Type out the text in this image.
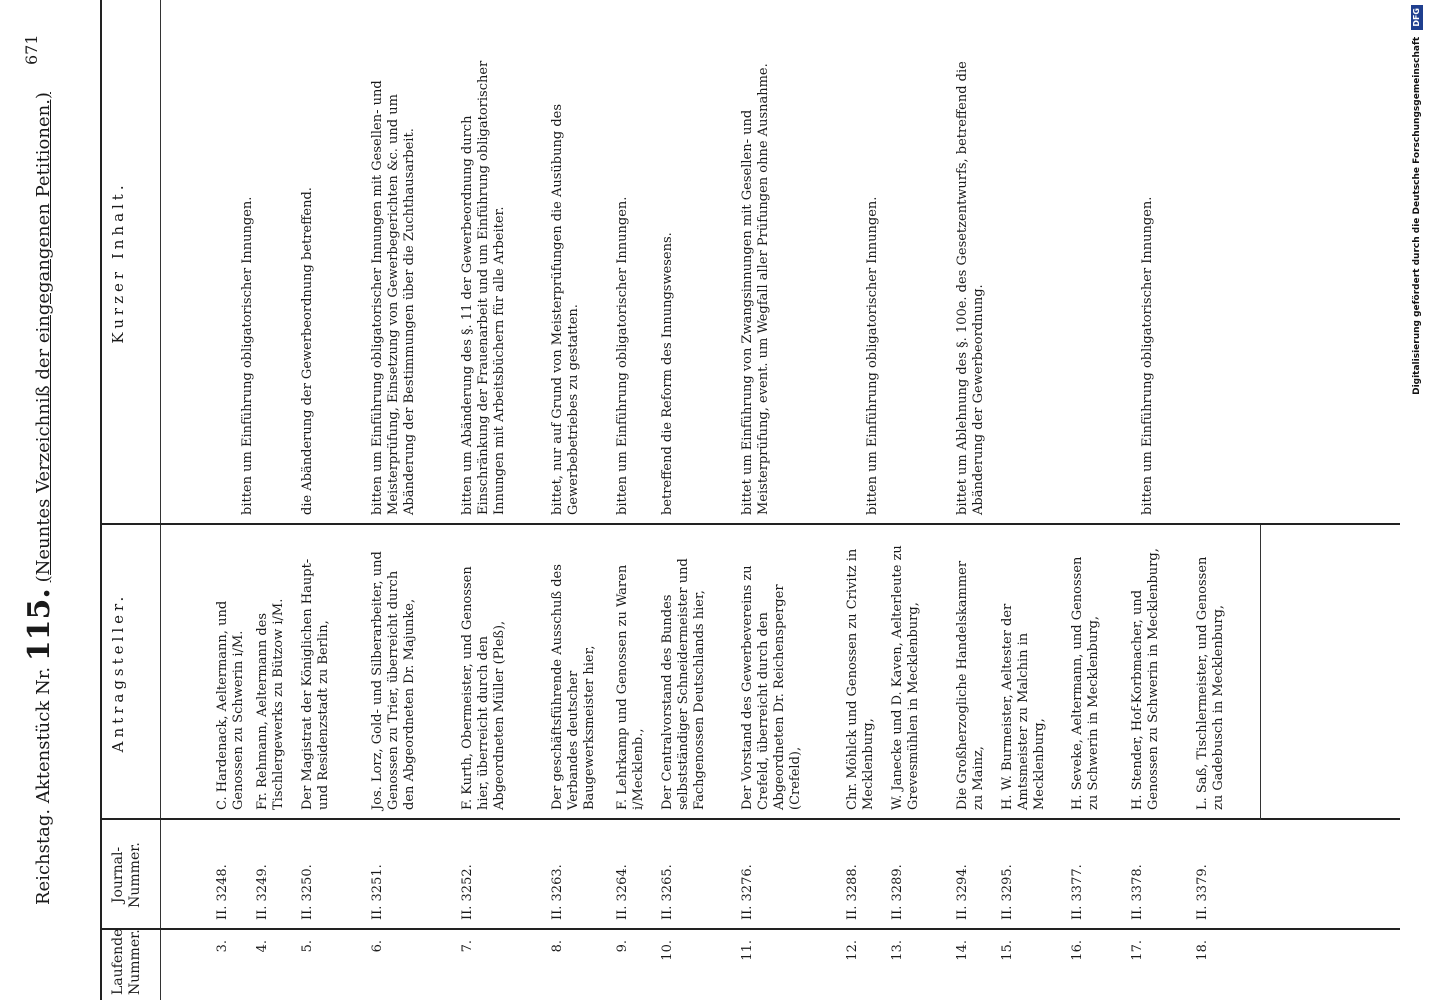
Reichstag. Aktenstück Nr. 115. (Neuntes Verzeichniß der eingegangenen Petitionen.)
671
Laufende Nummer.
Journal-Nummer.
Antragsteller.
Kurzer Inhalt.
3.
II. 3248.
C. Hardenack, Aeltermann, und Genossen zu Schwerin i/M.
4.
II. 3249.
Fr. Rehmann, Aeltermann des Tischlergewerks zu Bützow i/M.
bitten um Einführung obligatorischer Innungen.
5.
II. 3250.
Der Magistrat der Königlichen Haupt- und Residenzstadt zu Berlin,
die Abänderung der Gewerbeordnung betreffend.
6.
II. 3251.
Jos. Lorz, Gold- und Silberarbeiter, und Genossen zu Trier, überreicht durch den Abgeordneten Dr. Majunke,
bitten um Einführung obligatorischer Innungen mit Gesellen- und Meisterprüfung, Einsetzung von Gewerbegerichten &c. und um Abänderung der Bestimmungen über die Zuchthausarbeit.
7.
II. 3252.
F. Kurth, Obermeister, und Genossen hier, überreicht durch den Abgeordneten Müller (Pleß),
bitten um Abänderung des §. 11 der Gewerbeordnung durch Einschränkung der Frauenarbeit und um Einführung obligatorischer Innungen mit Arbeitsbüchern für alle Arbeiter.
8.
II. 3263.
Der geschäftsführende Ausschuß des Verbandes deutscher Baugewerksmeister hier,
bittet, nur auf Grund von Meisterprüfungen die Ausübung des Gewerbebetriebes zu gestatten.
9.
II. 3264.
F. Lehrkamp und Genossen zu Waren i/Mecklenb.,
bitten um Einführung obligatorischer Innungen.
10.
II. 3265.
Der Centralvorstand des Bundes selbstständiger Schneidermeister und Fachgenossen Deutschlands hier,
betreffend die Reform des Innungswesens.
11.
II. 3276.
Der Vorstand des Gewerbevereins zu Crefeld, überreicht durch den Abgeordneten Dr. Reichensperger (Crefeld),
bittet um Einführung von Zwangsinnungen mit Gesellen- und Meisterprüfung, event. um Wegfall aller Prüfungen ohne Ausnahme.
12.
II. 3288.
Chr. Möhlck und Genossen zu Crivitz in Mecklenburg,
13.
II. 3289.
W. Janecke und D. Kaven, Aelterleute zu Grevesmühlen in Mecklenburg,
bitten um Einführung obligatorischer Innungen.
14.
II. 3294.
Die Großherzogliche Handelskammer zu Mainz,
bittet um Ablehnung des §. 100e. des Gesetzentwurfs, betreffend die Abänderung der Gewerbeordnung.
15.
II. 3295.
H. W. Burmeister, Aeltester der Amtsmeister zu Malchin in Mecklenburg,
16.
II. 3377.
H. Seveke, Aeltermann, und Genossen zu Schwerin in Mecklenburg,
17.
II. 3378.
H. Stender, Hof-Korbmacher, und Genossen zu Schwerin in Mecklenburg,
bitten um Einführung obligatorischer Innungen.
18.
II. 3379.
L. Saß, Tischlermeister, und Genossen zu Gadebusch in Mecklenburg,
Digitalisierung gefördert durch die Deutsche Forschungsgemeinschaft DFG
